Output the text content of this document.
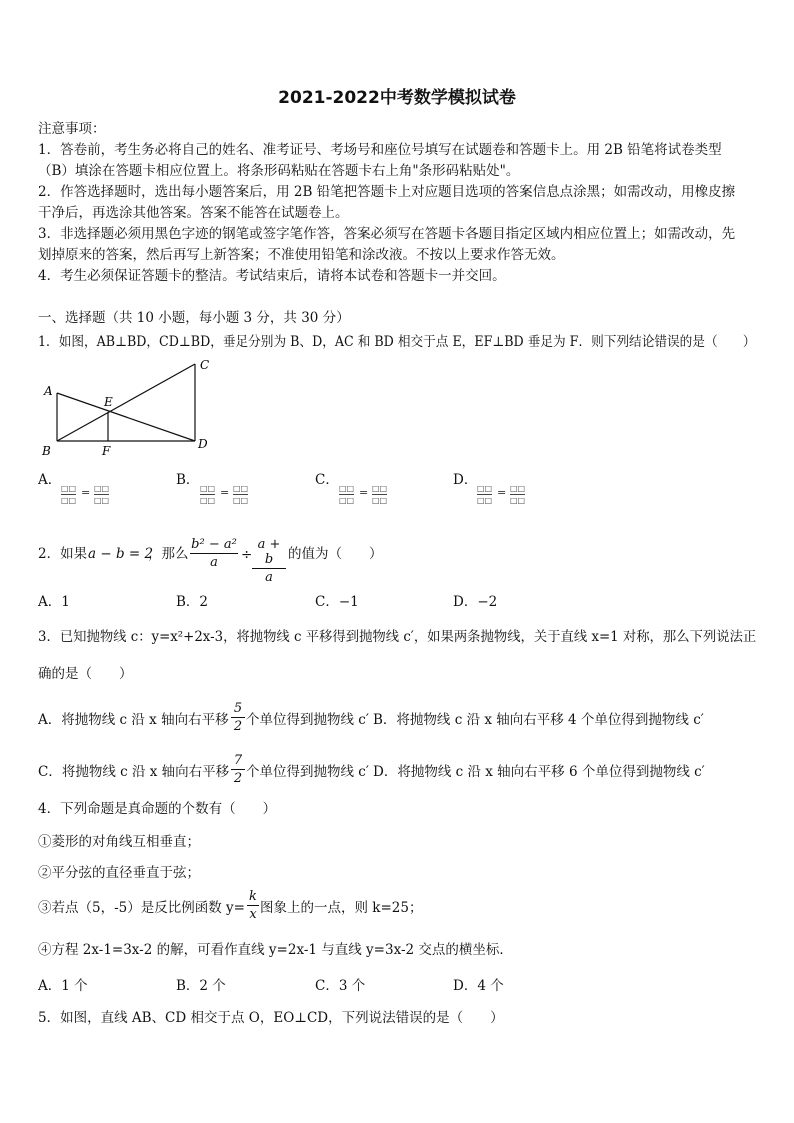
2021-2022中考数学模拟试卷
注意事项：
1．答卷前，考生务必将自己的姓名、准考证号、考场号和座位号填写在试题卷和答题卡上。用 2B 铅笔将试卷类型
（B）填涂在答题卡相应位置上。将条形码粘贴在答题卡右上角"条形码粘贴处"。
2．作答选择题时，选出每小题答案后，用 2B 铅笔把答题卡上对应题目选项的答案信息点涂黑；如需改动，用橡皮擦
干净后，再选涂其他答案。答案不能答在试题卷上。
3．非选择题必须用黑色字迹的钢笔或签字笔作答，答案必须写在答题卡各题目指定区域内相应位置上；如需改动，先
划掉原来的答案，然后再写上新答案；不准使用铅笔和涂改液。不按以上要求作答无效。
4．考生必须保证答题卡的整洁。考试结束后，请将本试卷和答题卡一并交回。
一、选择题（共 10 小题，每小题 3 分，共 30 分）
1．如图，AB⊥BD，CD⊥BD，垂足分别为 B、D，AC 和 BD 相交于点 E，EF⊥BD 垂足为 F．则下列结论错误的是（　　）
A
B
C
D
E
F
A．
□□
□□
= □□
□□
B．
□□
□□
= □□
□□
C．
□□
□□
= □□
□□
D．
□□
□□
= □□
□□
2．如果 a − b = 2
，那么
b² − a²
a	÷
a + b
a
的值为（　　）
A．1	B．2	C．−1	D．−2
3．已知抛物线 c：y=x²+2x-3，将抛物线 c 平移得到抛物线 c′，如果两条抛物线，关于直线 x=1 对称，那么下列说法正
确的是（　　）
A．将抛物线 c 沿 x 轴向右平移
5
2 个单位得到抛物线 c′ B．将抛物线 c 沿 x 轴向右平移 4 个单位得到抛物线 c′
C．将抛物线 c 沿 x 轴向右平移
7
2 个单位得到抛物线 c′ D．将抛物线 c 沿 x 轴向右平移 6 个单位得到抛物线 c′
4．下列命题是真命题的个数有（　　）
①菱形的对角线互相垂直；
②平分弦的直径垂直于弦；
③若点（5，-5）是反比例函数 y=
k
x 图象上的一点，则 k=25；
④方程 2x-1=3x-2 的解，可看作直线 y=2x-1 与直线 y=3x-2 交点的横坐标．
A．1 个	B．2 个	C．3 个	D．4 个
5．如图，直线 AB、CD 相交于点 O，EO⊥CD，下列说法错误的是（　　）
